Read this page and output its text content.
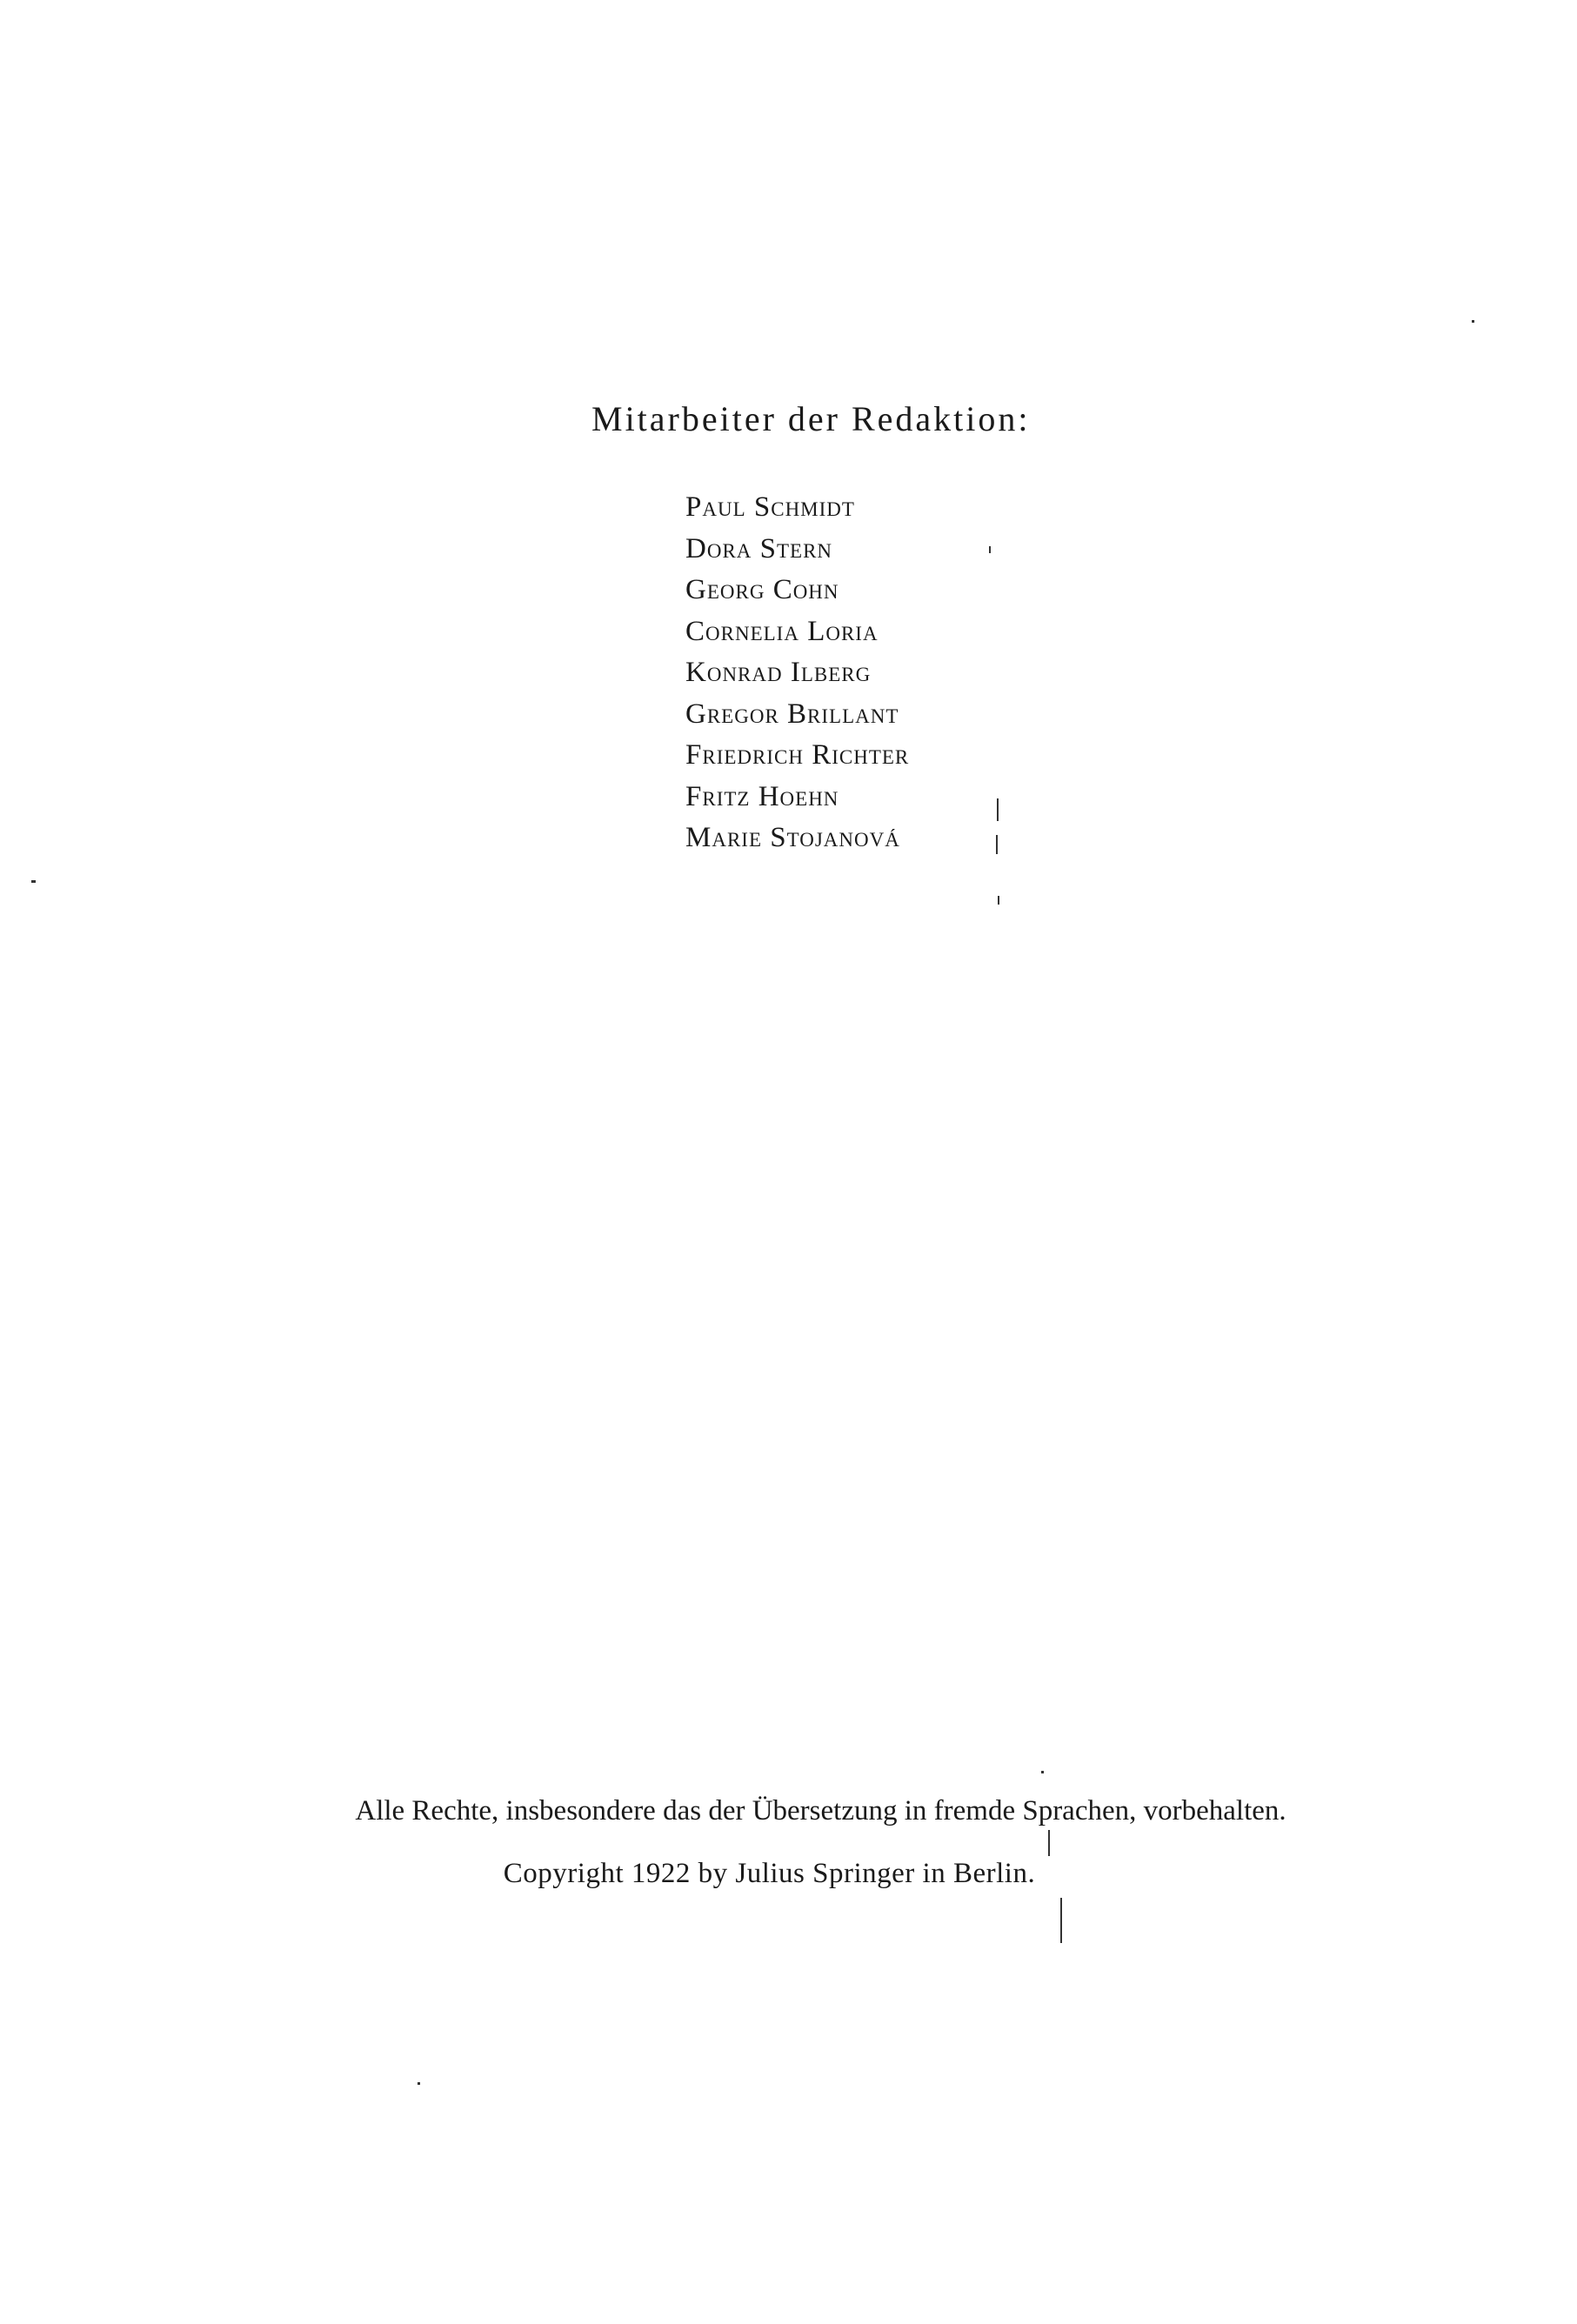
Mitarbeiter der Redaktion:
Paul Schmidt
Dora Stern
Georg Cohn
Cornelia Loria
Konrad Ilberg
Gregor Brillant
Friedrich Richter
Fritz Hoehn
Marie Stojanová
Alle Rechte, insbesondere das der Übersetzung in fremde Sprachen, vorbehalten.
Copyright 1922 by Julius Springer in Berlin.
